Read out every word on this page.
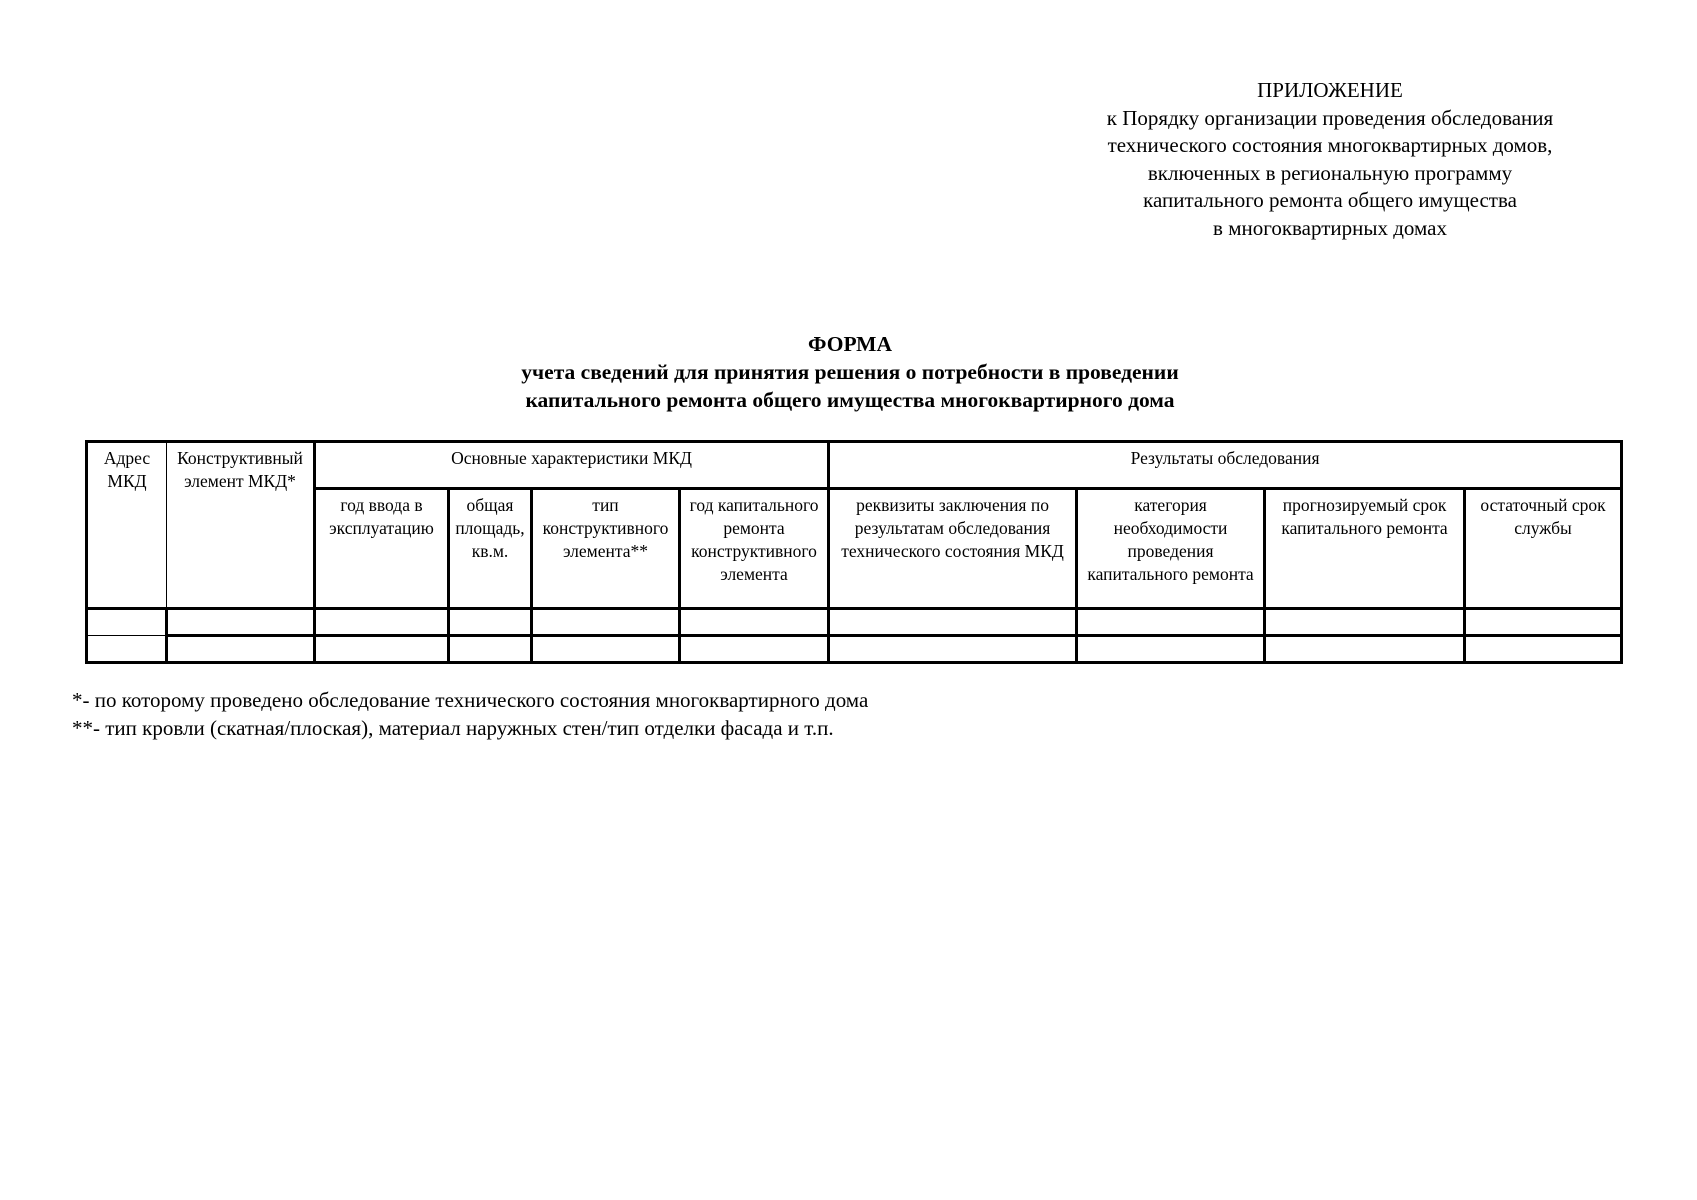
ПРИЛОЖЕНИЕ
к Порядку организации проведения обследования
технического состояния многоквартирных домов,
включенных в региональную программу
капитального ремонта общего имущества
в многоквартирных домах
ФОРМА
учета сведений для принятия решения о потребности в проведении
капитального ремонта общего имущества многоквартирного дома
Адрес МКД	Конструктивный элемент МКД*	Основные характеристики МКД				Результаты обследования			
		год ввода в эксплуатацию	общая площадь, кв.м.	тип конструктивного элемента**	год капитального ремонта конструктивного элемента	реквизиты заключения по результатам обследования технического состояния МКД	категория необходимости проведения капитального ремонта	прогнозируемый срок капитального ремонта	остаточный срок службы

*- по которому проведено обследование технического состояния многоквартирного дома
**- тип кровли (скатная/плоская), материал наружных стен/тип отделки фасада и т.п.
